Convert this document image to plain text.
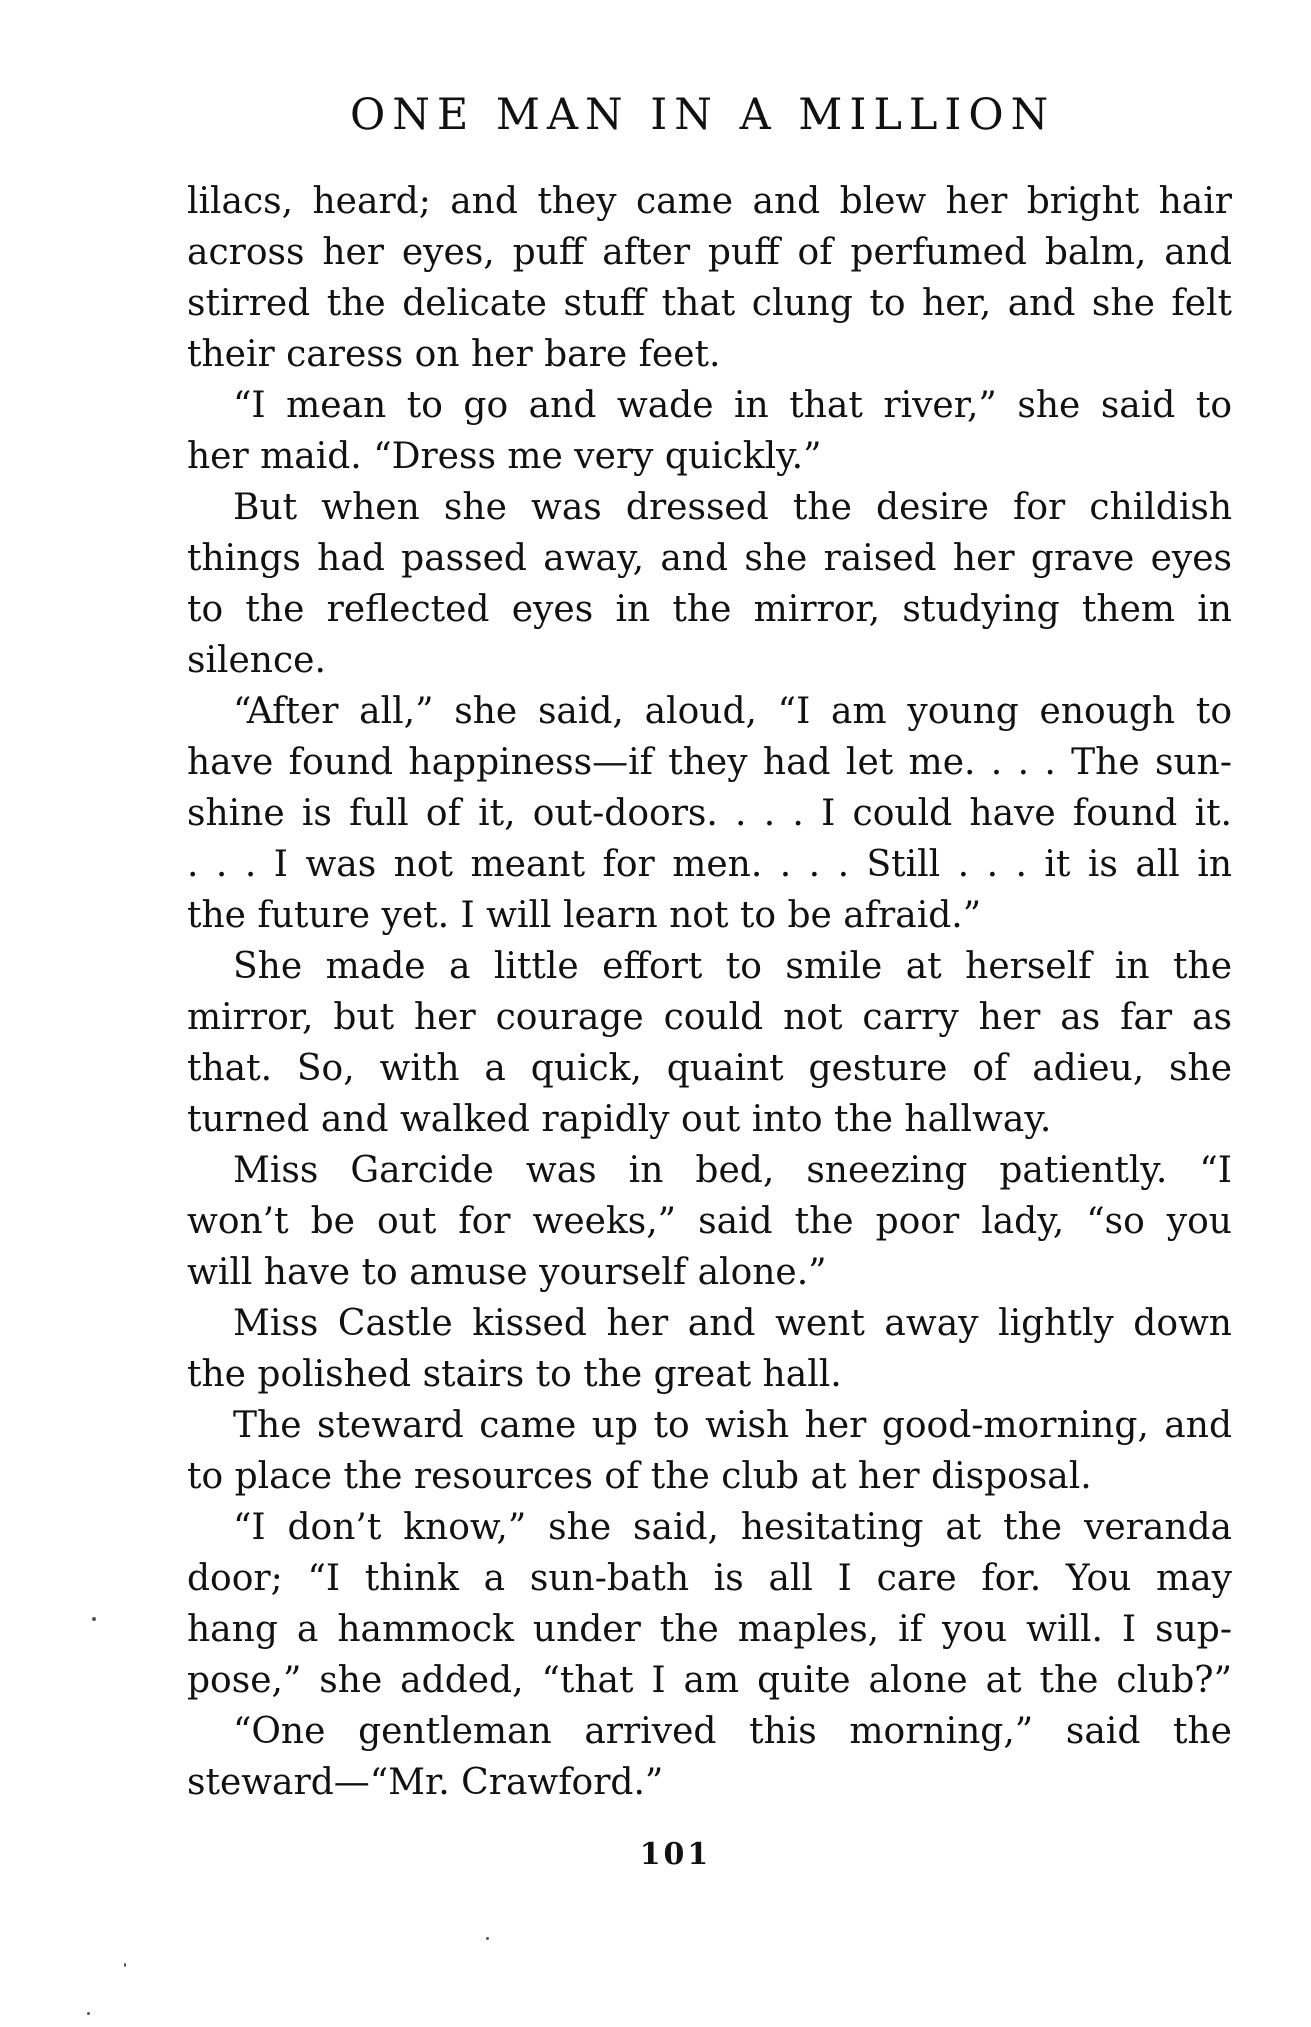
ONE MAN IN A MILLION
lilacs, heard; and they came and blew her bright hair
across her eyes, puff after puff of perfumed balm, and
stirred the delicate stuff that clung to her, and she felt
their caress on her bare feet.
“I mean to go and wade in that river,” she said to
her maid. “Dress me very quickly.”
But when she was dressed the desire for childish
things had passed away, and she raised her grave eyes
to the reflected eyes in the mirror, studying them in
silence.
“After all,” she said, aloud, “I am young enough to
have found happiness—if they had let me. . . . The sun-
shine is full of it, out-doors. . . . I could have found it.
. . . I was not meant for men. . . . Still . . . it is all in
the future yet. I will learn not to be afraid.”
She made a little effort to smile at herself in the
mirror, but her courage could not carry her as far as
that. So, with a quick, quaint gesture of adieu, she
turned and walked rapidly out into the hallway.
Miss Garcide was in bed, sneezing patiently. “I
won’t be out for weeks,” said the poor lady, “so you
will have to amuse yourself alone.”
Miss Castle kissed her and went away lightly down
the polished stairs to the great hall.
The steward came up to wish her good-morning, and
to place the resources of the club at her disposal.
“I don’t know,” she said, hesitating at the veranda
door; “I think a sun-bath is all I care for. You may
hang a hammock under the maples, if you will. I sup-
pose,” she added, “that I am quite alone at the club?”
“One gentleman arrived this morning,” said the
steward—“Mr. Crawford.”
101
